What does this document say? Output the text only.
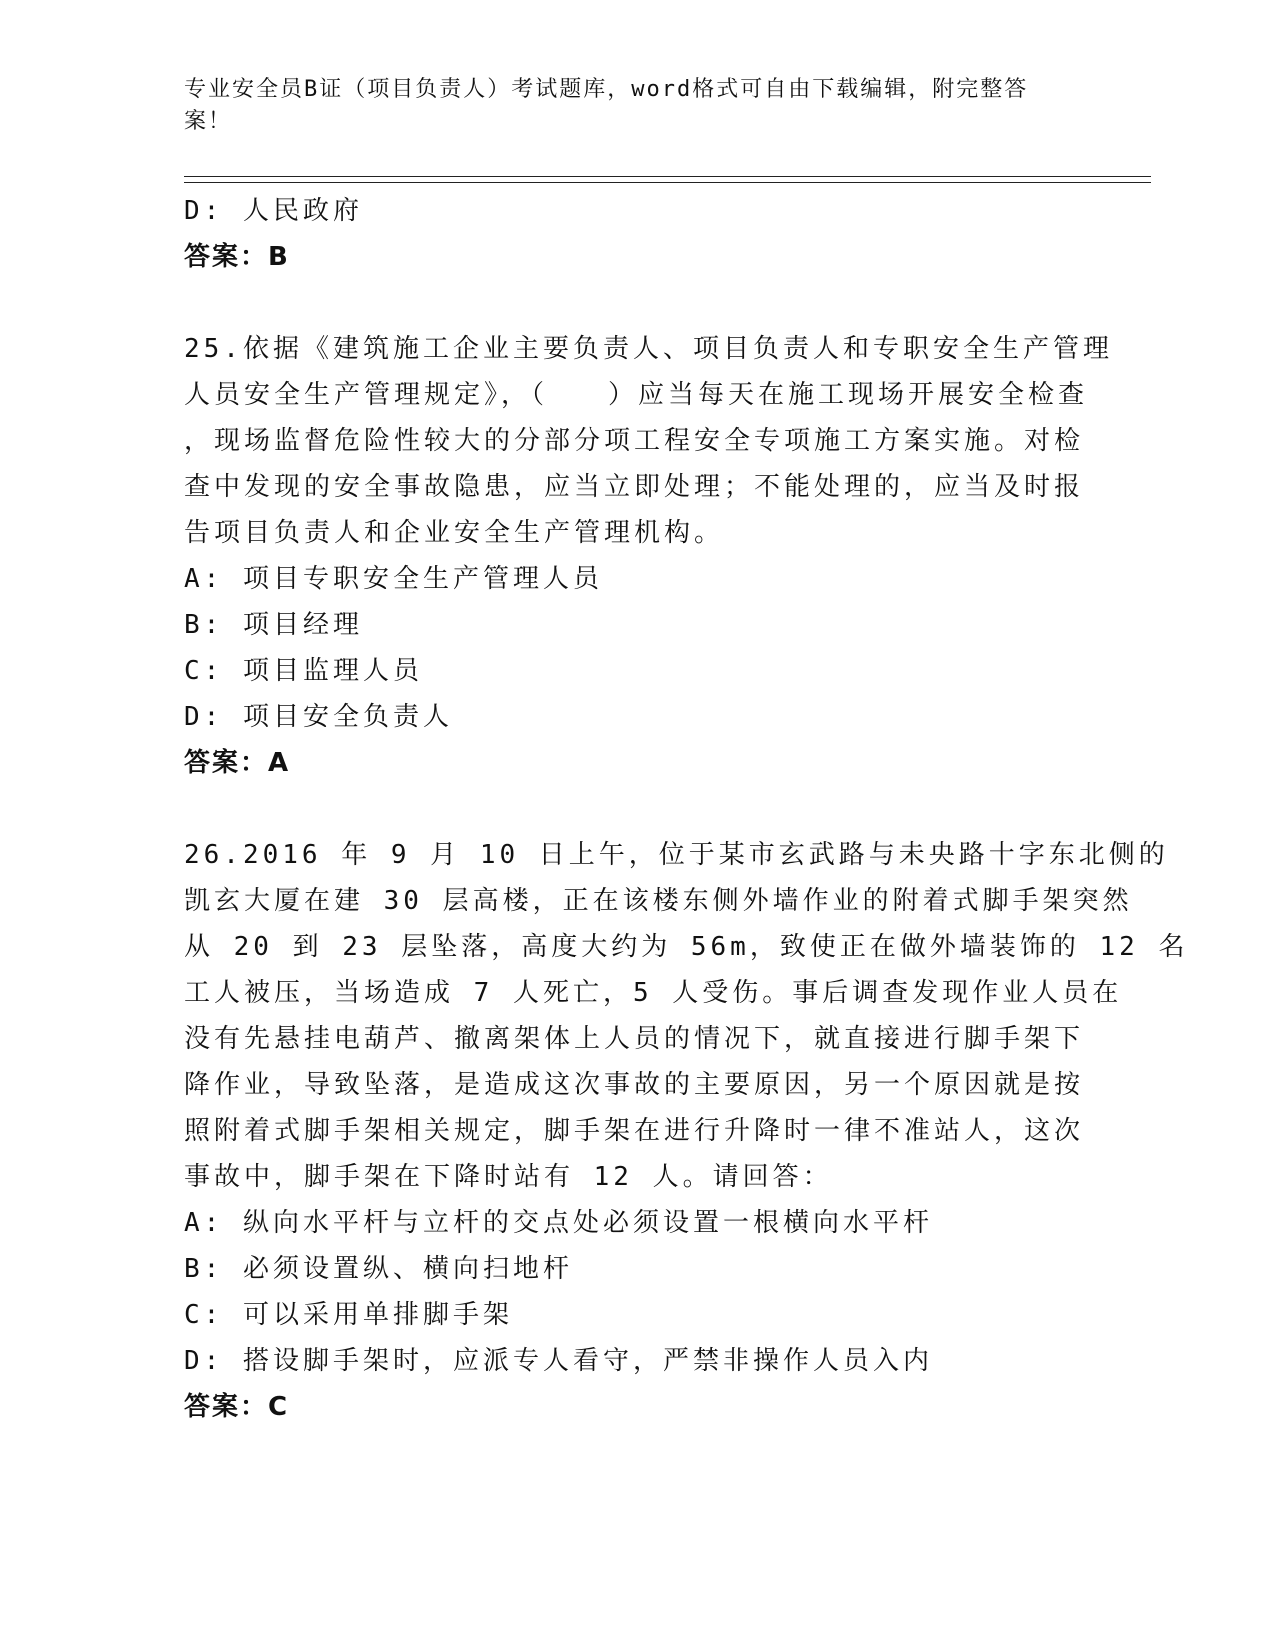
专业安全员B证（项目负责人）考试题库，word格式可自由下载编辑，附完整答
案！
D: 人民政府
答案：B
25.依据《建筑施工企业主要负责人、项目负责人和专职安全生产管理
人员安全生产管理规定》，（　　）应当每天在施工现场开展安全检查
，现场监督危险性较大的分部分项工程安全专项施工方案实施。对检
查中发现的安全事故隐患，应当立即处理；不能处理的，应当及时报
告项目负责人和企业安全生产管理机构。
A: 项目专职安全生产管理人员
B: 项目经理
C: 项目监理人员
D: 项目安全负责人
答案：A
26.2016 年 9 月 10 日上午，位于某市玄武路与未央路十字东北侧的
凯玄大厦在建 30 层高楼，正在该楼东侧外墙作业的附着式脚手架突然
从 20 到 23 层坠落，高度大约为 56m，致使正在做外墙装饰的 12 名
工人被压，当场造成 7 人死亡，5 人受伤。事后调查发现作业人员在
没有先悬挂电葫芦、撤离架体上人员的情况下，就直接进行脚手架下
降作业，导致坠落，是造成这次事故的主要原因，另一个原因就是按
照附着式脚手架相关规定，脚手架在进行升降时一律不准站人，这次
事故中，脚手架在下降时站有 12 人。请回答：
A: 纵向水平杆与立杆的交点处必须设置一根横向水平杆
B: 必须设置纵、横向扫地杆
C: 可以采用单排脚手架
D: 搭设脚手架时，应派专人看守，严禁非操作人员入内
答案：C
